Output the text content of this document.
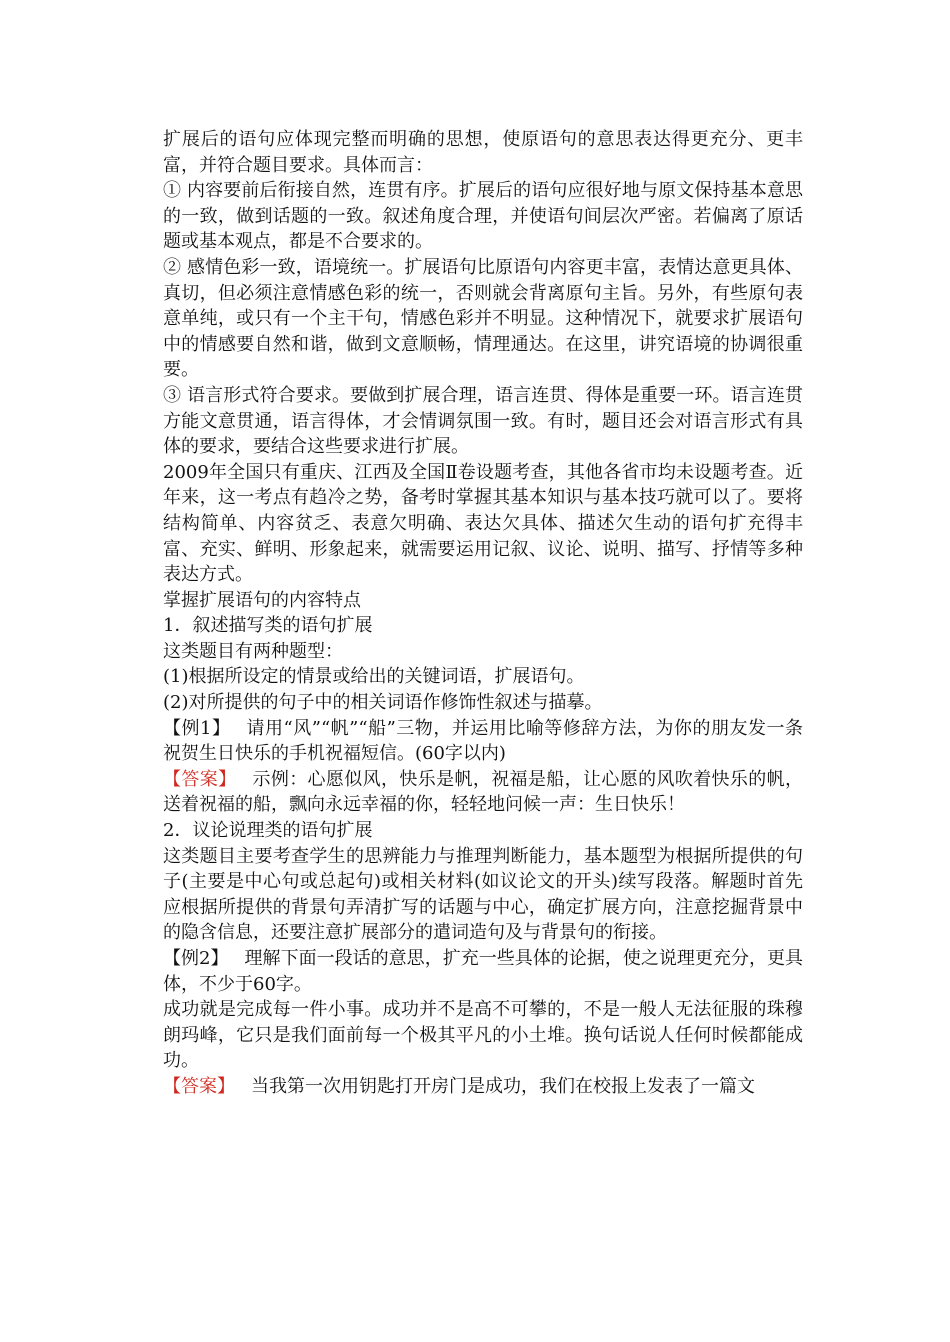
扩展后的语句应体现完整而明确的思想，使原语句的意思表达得更充分、更丰富，并符合题目要求。具体而言：

① 内容要前后衔接自然，连贯有序。扩展后的语句应很好地与原文保持基本意思的一致，做到话题的一致。叙述角度合理，并使语句间层次严密。若偏离了原话题或基本观点，都是不合要求的。

② 感情色彩一致，语境统一。扩展语句比原语句内容更丰富，表情达意更具体、真切，但必须注意情感色彩的统一，否则就会背离原句主旨。另外，有些原句表意单纯，或只有一个主干句，情感色彩并不明显。这种情况下，就要求扩展语句中的情感要自然和谐，做到文意顺畅，情理通达。在这里，讲究语境的协调很重要。

③ 语言形式符合要求。要做到扩展合理，语言连贯、得体是重要一环。语言连贯方能文意贯通，语言得体，才会情调氛围一致。有时，题目还会对语言形式有具体的要求，要结合这些要求进行扩展。

2009年全国只有重庆、江西及全国Ⅱ卷设题考查，其他各省市均未设题考查。近年来，这一考点有趋冷之势，备考时掌握其基本知识与基本技巧就可以了。要将结构简单、内容贫乏、表意欠明确、表达欠具体、描述欠生动的语句扩充得丰富、充实、鲜明、形象起来，就需要运用记叙、议论、说明、描写、抒情等多种表达方式。

掌握扩展语句的内容特点

1．叙述描写类的语句扩展

这类题目有两种题型：

(1)根据所设定的情景或给出的关键词语，扩展语句。

(2)对所提供的句子中的相关词语作修饰性叙述与描摹。

【例1】 请用“风”“帆”“船”三物，并运用比喻等修辞方法，为你的朋友发一条祝贺生日快乐的手机祝福短信。(60字以内)

【答案】 示例：心愿似风，快乐是帆，祝福是船，让心愿的风吹着快乐的帆，送着祝福的船，飘向永远幸福的你，轻轻地问候一声：生日快乐！

2．议论说理类的语句扩展

这类题目主要考查学生的思辨能力与推理判断能力，基本题型为根据所提供的句子(主要是中心句或总起句)或相关材料(如议论文的开头)续写段落。解题时首先应根据所提供的背景句弄清扩写的话题与中心，确定扩展方向，注意挖掘背景中的隐含信息，还要注意扩展部分的遣词造句及与背景句的衔接。

【例2】 理解下面一段话的意思，扩充一些具体的论据，使之说理更充分，更具体，不少于60字。

成功就是完成每一件小事。成功并不是高不可攀的，不是一般人无法征服的珠穆朗玛峰，它只是我们面前每一个极其平凡的小土堆。换句话说人任何时候都能成功。

【答案】 当我第一次用钥匙打开房门是成功，我们在校报上发表了一篇文
